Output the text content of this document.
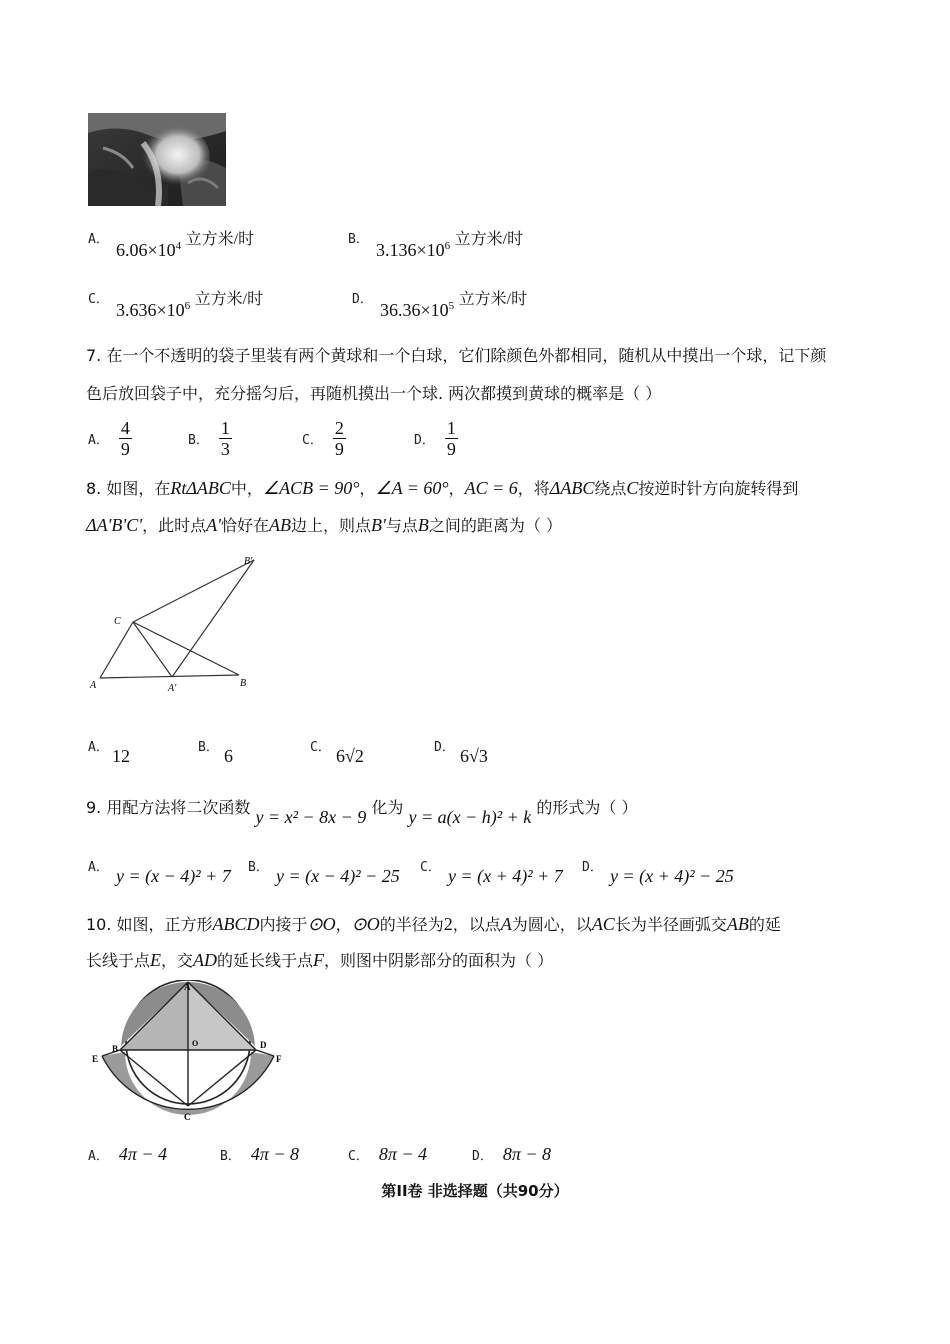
A．
$6.06\times 10^4$ 立方米/时	B．
$3.136\times 10^6$ 立方米/时
C．
$3.636\times 10^6$ 立方米/时	D．
$36.36\times 10^5$ 立方米/时
7. 在一个不透明的袋子里装有两个黄球和一个白球，它们除颜色外都相同，随机从中摸出一个球，记下颜
色后放回袋子中，充分摇匀后，再随机摸出一个球. 两次都摸到黄球的概率是（ ）
A． $\frac{4}{9}$	B． $\frac{1}{3}$	C． $\frac{2}{9}$	D． $\frac{1}{9}$
8. 如图，在RtΔABC中，∠ACB = 90°，∠A = 60°，AC = 6，将ΔABC绕点C按逆时针方向旋转得到
ΔA'B'C'，此时点A'恰好在AB边上，则点B'与点B之间的距离为（ ）
A	B
C
A'
B'
A． 12	B． 6	C． 6√2	D． 6√3
9. 用配方法将二次函数 y = x² − 8x − 9 化为 y = a(x − h)² + k 的形式为（ ）
A． y = (x − 4)² + 7 B． y = (x − 4)² − 25 C． y = (x + 4)² + 7 D． y = (x + 4)² − 25
10. 如图，正方形ABCD内接于⊙O，⊙O的半径为2，以点A为圆心，以AC长为半径画弧交AB的延
长线于点E，交AD的延长线于点F，则图中阴影部分的面积为（ ）
A
B
C
D
E	F
O
A． 4π − 4	B． 4π − 8	C． 8π − 4	D． 8π − 8
第II卷 非选择题（共90分）
